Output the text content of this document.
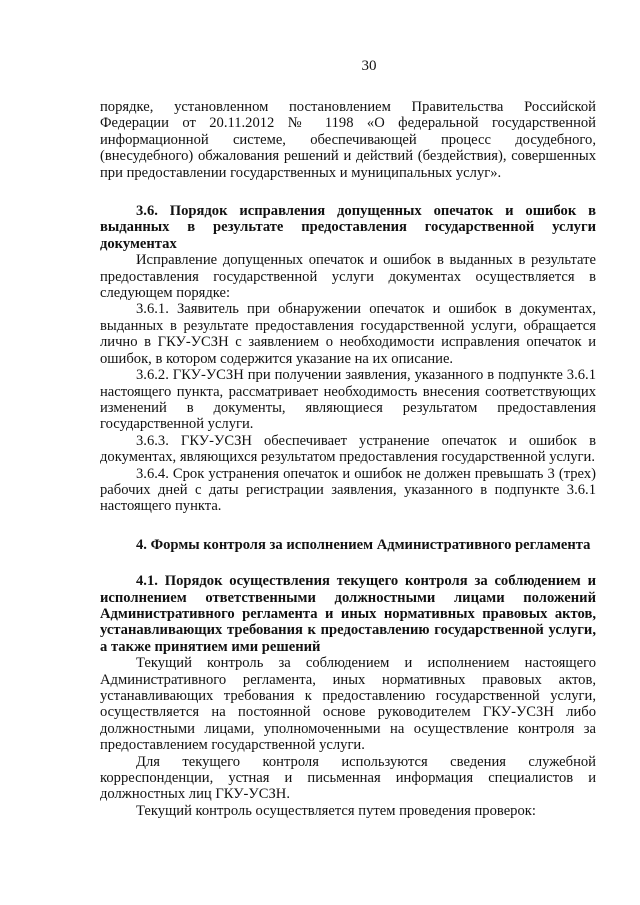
30

порядке, установленном постановлением Правительства Российской Федерации от 20.11.2012 № 1198 «О федеральной государственной информационной системе, обеспечивающей процесс досудебного, (внесудебного) обжалования решений и действий (бездействия), совершенных при предоставлении государственных и муниципальных услуг».

3.6. Порядок исправления допущенных опечаток и ошибок в выданных в результате предоставления государственной услуги документах

Исправление допущенных опечаток и ошибок в выданных в результате предоставления государственной услуги документах осуществляется в следующем порядке:

3.6.1. Заявитель при обнаружении опечаток и ошибок в документах, выданных в результате предоставления государственной услуги, обращается лично в ГКУ-УСЗН с заявлением о необходимости исправления опечаток и ошибок, в котором содержится указание на их описание.

3.6.2. ГКУ-УСЗН при получении заявления, указанного в подпункте 3.6.1 настоящего пункта, рассматривает необходимость внесения соответствующих изменений в документы, являющиеся результатом предоставления государственной услуги.

3.6.3. ГКУ-УСЗН обеспечивает устранение опечаток и ошибок в документах, являющихся результатом предоставления государственной услуги.

3.6.4. Срок устранения опечаток и ошибок не должен превышать 3 (трех) рабочих дней с даты регистрации заявления, указанного в подпункте 3.6.1 настоящего пункта.

4. Формы контроля за исполнением Административного регламента

4.1. Порядок осуществления текущего контроля за соблюдением и исполнением ответственными должностными лицами положений Административного регламента и иных нормативных правовых актов, устанавливающих требования к предоставлению государственной услуги, а также принятием ими решений

Текущий контроль за соблюдением и исполнением настоящего Административного регламента, иных нормативных правовых актов, устанавливающих требования к предоставлению государственной услуги, осуществляется на постоянной основе руководителем ГКУ-УСЗН либо должностными лицами, уполномоченными на осуществление контроля за предоставлением государственной услуги.

Для текущего контроля используются сведения служебной корреспонденции, устная и письменная информация специалистов и должностных лиц ГКУ-УСЗН.

Текущий контроль осуществляется путем проведения проверок:
